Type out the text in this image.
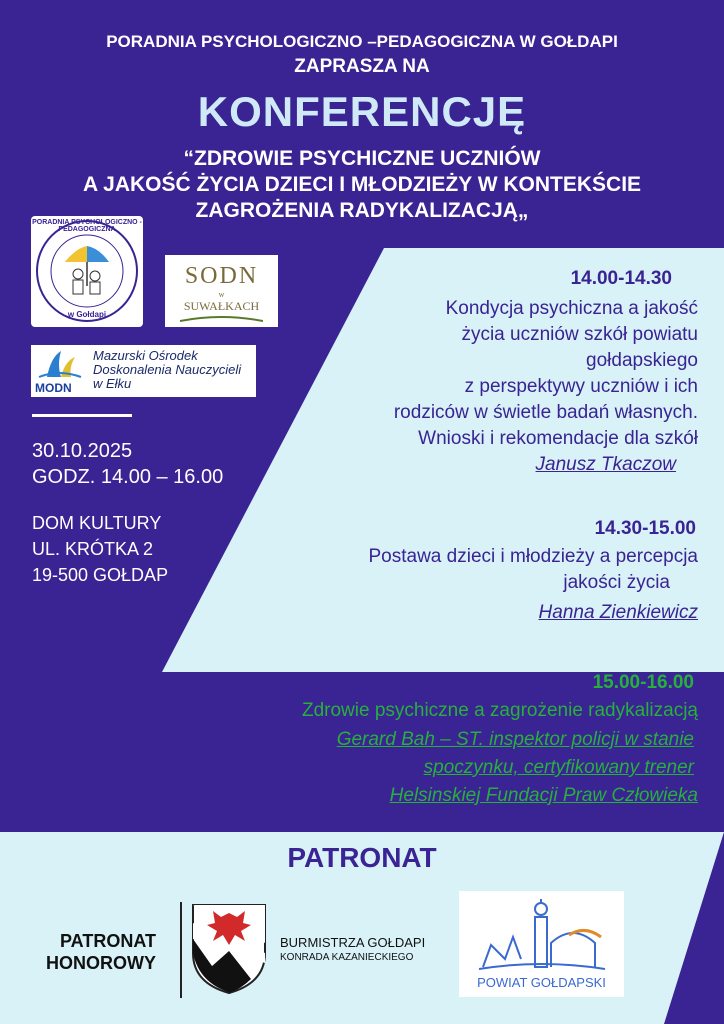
PORADNIA PSYCHOLOGICZNO –PEDAGOGICZNA W GOŁDAPI
ZAPRASZA NA
KONFERENCJĘ
“ZDROWIE PSYCHICZNE UCZNIÓW
A JAKOŚĆ ŻYCIA DZIECI I MŁODZIEŻY W KONTEKŚCIE
ZAGROŻENIA RADYKALIZACJĄ„
PORADNIA PSYCHOLOGICZNO - PEDAGOGICZNA
w Gołdapi
SODN
w
SUWAŁKACH
MODN
Mazurski Ośrodek
Doskonalenia Nauczycieli
w Ełku
30.10.2025
GODZ. 14.00 – 16.00
DOM KULTURY
UL. KRÓTKA 2
19-500 GOŁDAP
14.00-14.30
Kondycja psychiczna a jakość
życia uczniów szkół powiatu
gołdapskiego
z perspektywy uczniów i ich
rodziców w świetle badań własnych.
Wnioski i rekomendacje dla szkół
Janusz Tkaczow
14.30-15.00
Postawa dzieci i młodzieży a percepcja
jakości życia
Hanna Zienkiewicz
15.00-16.00
Zdrowie psychiczne a zagrożenie radykalizacją
Gerard Bah – ST. inspektor policji w stanie
spoczynku, certyfikowany trener
Helsinskiej Fundacji Praw Człowieka
PATRONAT
PATRONAT
HONOROWY
BURMISTRZA GOŁDAPI
KONRADA KAZANIECKIEGO
POWIAT GOŁDAPSKI
